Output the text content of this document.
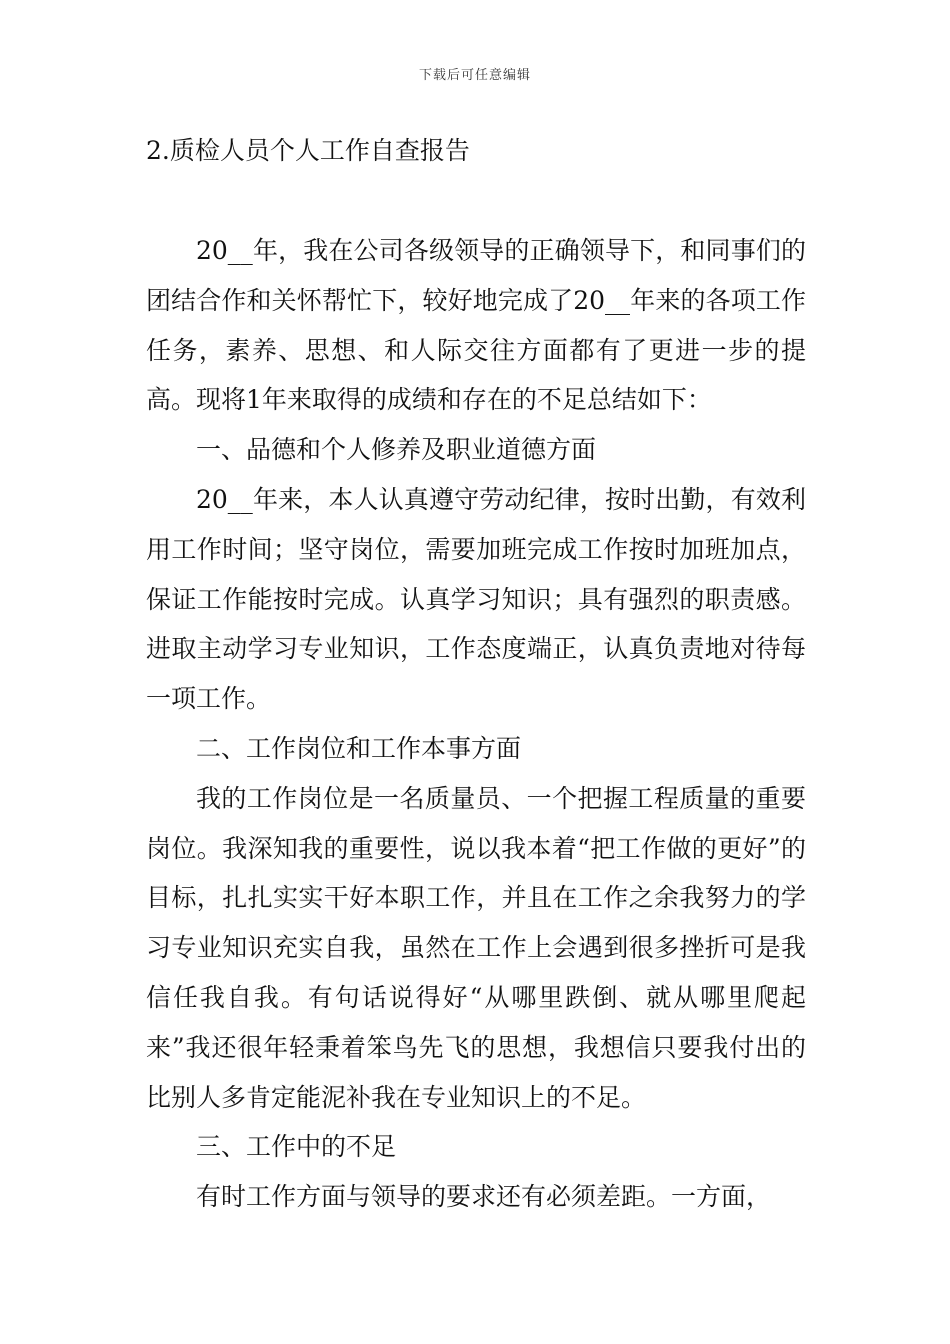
下载后可任意编辑
2.质检人员个人工作自查报告

20__年，我在公司各级领导的正确领导下，和同事们的团结合作和关怀帮忙下，较好地完成了20__年来的各项工作任务，素养、思想、和人际交往方面都有了更进一步的提高。现将1年来取得的成绩和存在的不足总结如下：

一、品德和个人修养及职业道德方面

20__年来，本人认真遵守劳动纪律，按时出勤，有效利用工作时间；坚守岗位，需要加班完成工作按时加班加点，保证工作能按时完成。认真学习知识；具有强烈的职责感。进取主动学习专业知识，工作态度端正，认真负责地对待每一项工作。

二、工作岗位和工作本事方面

我的工作岗位是一名质量员、一个把握工程质量的重要岗位。我深知我的重要性，说以我本着“把工作做的更好”的目标，扎扎实实干好本职工作，并且在工作之余我努力的学习专业知识充实自我，虽然在工作上会遇到很多挫折可是我信任我自我。有句话说得好“从哪里跌倒、就从哪里爬起来”我还很年轻秉着笨鸟先飞的思想，我想信只要我付出的比别人多肯定能泥补我在专业知识上的不足。

三、工作中的不足

有时工作方面与领导的要求还有必须差距。一方面，
